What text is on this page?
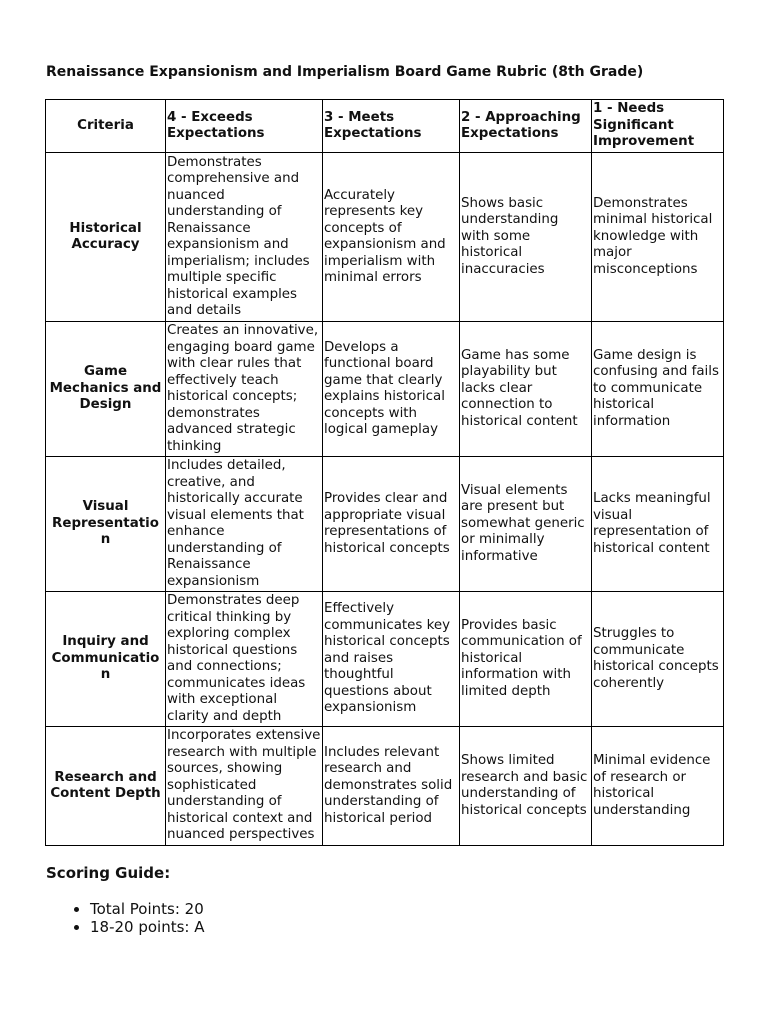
Renaissance Expansionism and Imperialism Board Game Rubric (8th Grade)
Criteria	4 - Exceeds Expectations	3 - Meets Expectations	2 - Approaching Expectations	1 - Needs Significant Improvement
Historical Accuracy	Demonstrates comprehensive and nuanced understanding of Renaissance expansionism and imperialism; includes multiple specific historical examples and details	Accurately represents key concepts of expansionism and imperialism with minimal errors	Shows basic understanding with some historical inaccuracies	Demonstrates minimal historical knowledge with major misconceptions
Game Mechanics and Design	Creates an innovative, engaging board game with clear rules that effectively teach historical concepts; demonstrates advanced strategic thinking	Develops a functional board game that clearly explains historical concepts with logical gameplay	Game has some playability but lacks clear connection to historical content	Game design is confusing and fails to communicate historical information
Visual Representation	Includes detailed, creative, and historically accurate visual elements that enhance understanding of Renaissance expansionism	Provides clear and appropriate visual representations of historical concepts	Visual elements are present but somewhat generic or minimally informative	Lacks meaningful visual representation of historical content
Inquiry and Communication	Demonstrates deep critical thinking by exploring complex historical questions and connections; communicates ideas with exceptional clarity and depth	Effectively communicates key historical concepts and raises thoughtful questions about expansionism	Provides basic communication of historical information with limited depth	Struggles to communicate historical concepts coherently
Research and Content Depth	Incorporates extensive research with multiple sources, showing sophisticated understanding of historical context and nuanced perspectives	Includes relevant research and demonstrates solid understanding of historical period	Shows limited research and basic understanding of historical concepts	Minimal evidence of research or historical understanding
Scoring Guide:
• Total Points: 20
• 18-20 points: A
